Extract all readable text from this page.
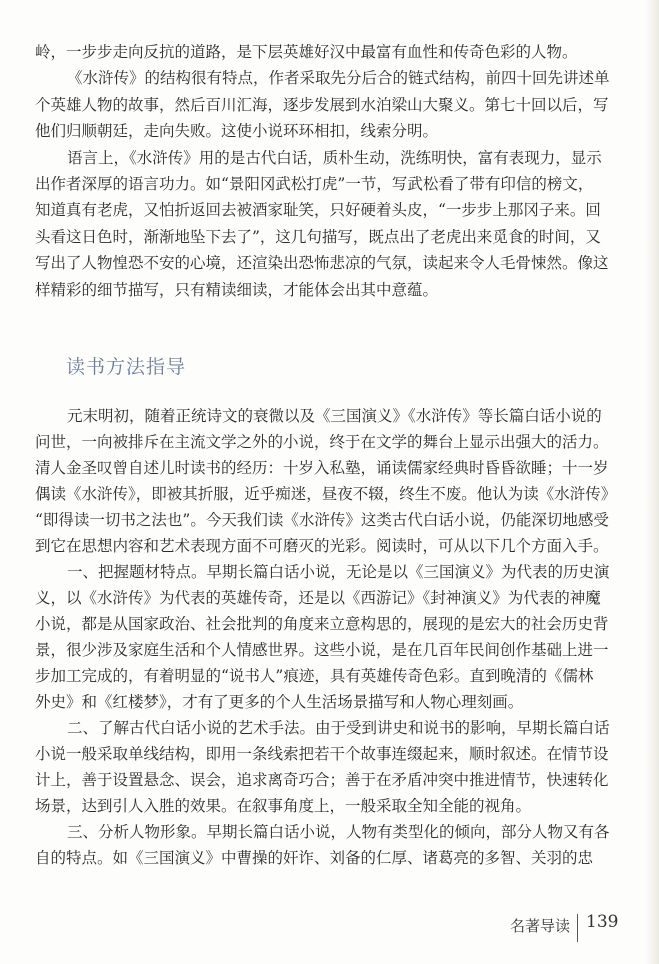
岭，一步步走向反抗的道路，是下层英雄好汉中最富有血性和传奇色彩的人物。
《水浒传》的结构很有特点，作者采取先分后合的链式结构，前四十回先讲述单
个英雄人物的故事，然后百川汇海，逐步发展到水泊梁山大聚义。第七十回以后，写
他们归顺朝廷，走向失败。这使小说环环相扣，线索分明。
语言上，《水浒传》用的是古代白话，质朴生动，洗练明快，富有表现力，显示
出作者深厚的语言功力。如“景阳冈武松打虎”一节，写武松看了带有印信的榜文，
知道真有老虎，又怕折返回去被酒家耻笑，只好硬着头皮，“一步步上那冈子来。回
头看这日色时，渐渐地坠下去了”，这几句描写，既点出了老虎出来觅食的时间，又
写出了人物惶恐不安的心境，还渲染出恐怖悲凉的气氛，读起来令人毛骨悚然。像这
样精彩的细节描写，只有精读细读，才能体会出其中意蕴。
读书方法指导
元末明初，随着正统诗文的衰微以及《三国演义》《水浒传》等长篇白话小说的
问世，一向被排斥在主流文学之外的小说，终于在文学的舞台上显示出强大的活力。
清人金圣叹曾自述儿时读书的经历：十岁入私塾，诵读儒家经典时昏昏欲睡；十一岁
偶读《水浒传》，即被其折服，近乎痴迷，昼夜不辍，终生不废。他认为读《水浒传》
“即得读一切书之法也”。今天我们读《水浒传》这类古代白话小说，仍能深切地感受
到它在思想内容和艺术表现方面不可磨灭的光彩。阅读时，可从以下几个方面入手。
一、把握题材特点。早期长篇白话小说，无论是以《三国演义》为代表的历史演
义，以《水浒传》为代表的英雄传奇，还是以《西游记》《封神演义》为代表的神魔
小说，都是从国家政治、社会批判的角度来立意构思的，展现的是宏大的社会历史背
景，很少涉及家庭生活和个人情感世界。这些小说，是在几百年民间创作基础上进一
步加工完成的，有着明显的“说书人”痕迹，具有英雄传奇色彩。直到晚清的《儒林
外史》和《红楼梦》，才有了更多的个人生活场景描写和人物心理刻画。
二、了解古代白话小说的艺术手法。由于受到讲史和说书的影响，早期长篇白话
小说一般采取单线结构，即用一条线索把若干个故事连缀起来，顺时叙述。在情节设
计上，善于设置悬念、误会，追求离奇巧合；善于在矛盾冲突中推进情节，快速转化
场景，达到引人入胜的效果。在叙事角度上，一般采取全知全能的视角。
三、分析人物形象。早期长篇白话小说，人物有类型化的倾向，部分人物又有各
自的特点。如《三国演义》中曹操的奸诈、刘备的仁厚、诸葛亮的多智、关羽的忠
名著导读 139
